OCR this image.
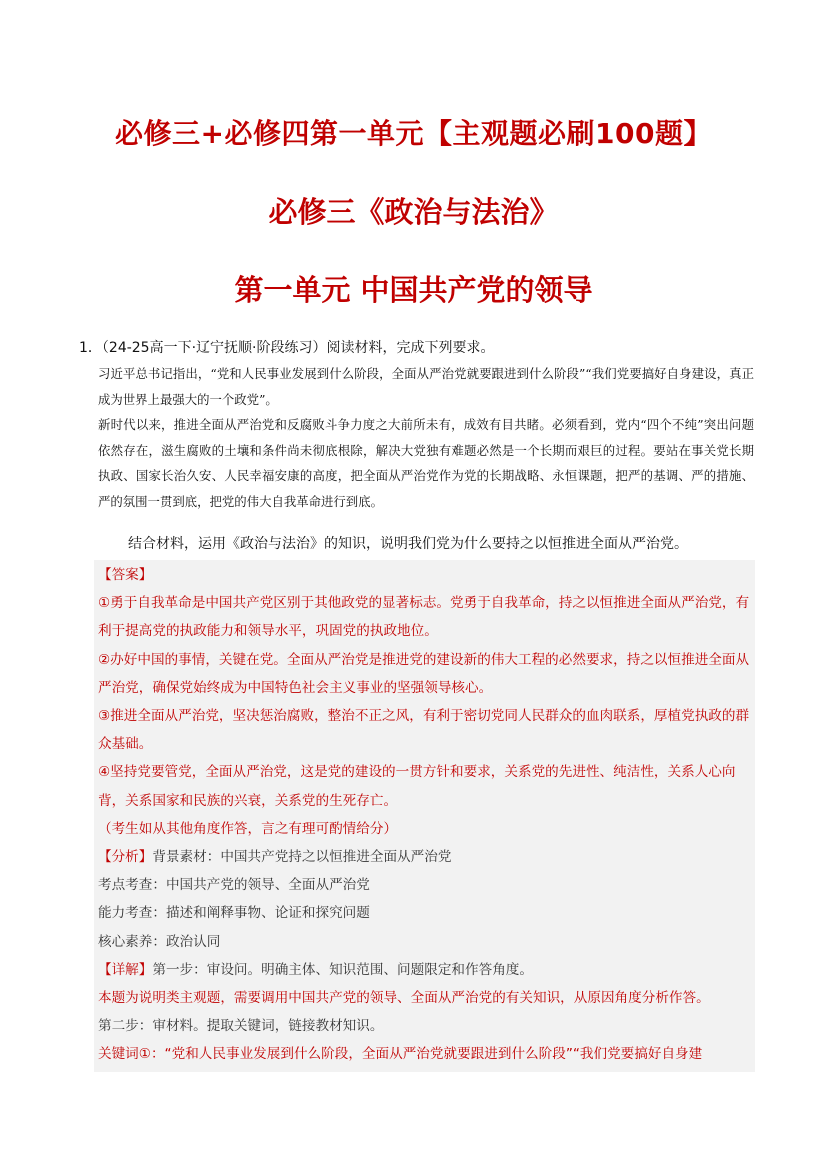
必修三+必修四第一单元【主观题必刷100题】
必修三《政治与法治》
第一单元 中国共产党的领导
1．（24-25高一下·辽宁抚顺·阶段练习）阅读材料，完成下列要求。

习近平总书记指出，“党和人民事业发展到什么阶段，全面从严治党就要跟进到什么阶段”“我们党要搞好自身建设，真正成为世界上最强大的一个政党”。

新时代以来，推进全面从严治党和反腐败斗争力度之大前所未有，成效有目共睹。必须看到，党内“四个不纯”突出问题依然存在，滋生腐败的土壤和条件尚未彻底根除，解决大党独有难题必然是一个长期而艰巨的过程。要站在事关党长期执政、国家长治久安、人民幸福安康的高度，把全面从严治党作为党的长期战略、永恒课题，把严的基调、严的措施、严的氛围一贯到底，把党的伟大自我革命进行到底。

结合材料，运用《政治与法治》的知识，说明我们党为什么要持之以恒推进全面从严治党。

【答案】

①勇于自我革命是中国共产党区别于其他政党的显著标志。党勇于自我革命，持之以恒推进全面从严治党，有利于提高党的执政能力和领导水平，巩固党的执政地位。

②办好中国的事情，关键在党。全面从严治党是推进党的建设新的伟大工程的必然要求，持之以恒推进全面从严治党，确保党始终成为中国特色社会主义事业的坚强领导核心。

③推进全面从严治党，坚决惩治腐败，整治不正之风，有利于密切党同人民群众的血肉联系，厚植党执政的群众基础。

④坚持党要管党，全面从严治党，这是党的建设的一贯方针和要求，关系党的先进性、纯洁性，关系人心向背，关系国家和民族的兴衰，关系党的生死存亡。

（考生如从其他角度作答，言之有理可酌情给分）

【分析】背景素材：中国共产党持之以恒推进全面从严治党

考点考查：中国共产党的领导、全面从严治党

能力考查：描述和阐释事物、论证和探究问题

核心素养：政治认同

【详解】第一步：审设问。明确主体、知识范围、问题限定和作答角度。

本题为说明类主观题，需要调用中国共产党的领导、全面从严治党的有关知识，从原因角度分析作答。

第二步：审材料。提取关键词，链接教材知识。

关键词①：“党和人民事业发展到什么阶段，全面从严治党就要跟进到什么阶段”“我们党要搞好自身建
